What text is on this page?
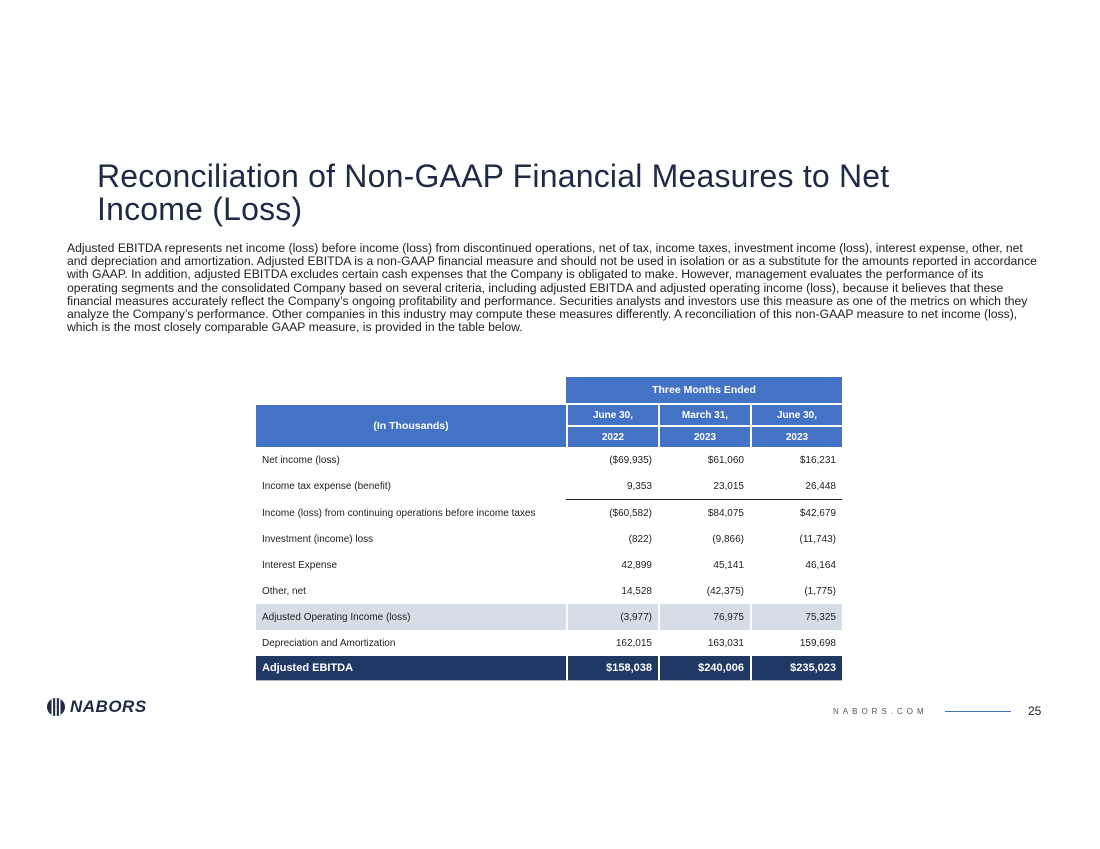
Reconciliation of Non-GAAP Financial Measures to Net Income (Loss)
Adjusted EBITDA represents net income (loss) before income (loss) from discontinued operations, net of tax, income taxes, investment income (loss), interest expense, other, net and depreciation and amortization. Adjusted EBITDA is a non-GAAP financial measure and should not be used in isolation or as a substitute for the amounts reported in accordance with GAAP. In addition, adjusted EBITDA excludes certain cash expenses that the Company is obligated to make. However, management evaluates the performance of its operating segments and the consolidated Company based on several criteria, including adjusted EBITDA and adjusted operating income (loss), because it believes that these financial measures accurately reflect the Company’s ongoing profitability and performance. Securities analysts and investors use this measure as one of the metrics on which they analyze the Company’s performance. Other companies in this industry may compute these measures differently. A reconciliation of this non-GAAP measure to net income (loss), which is the most closely comparable GAAP measure, is provided in the table below.
	Three Months Ended		
(In Thousands)	June 30,	March 31,	June 30,
	2022	2023	2023
Net income (loss)	($69,935)	$61,060	$16,231
Income tax expense (benefit)	9,353	23,015	26,448
Income (loss) from continuing operations before income taxes	($60,582)	$84,075	$42,679
Investment (income) loss	(822)	(9,866)	(11,743)
Interest Expense	42,899	45,141	46,164
Other, net	14,528	(42,375)	(1,775)
Adjusted Operating Income (loss)	(3,977)	76,975	75,325
Depreciation and Amortization	162,015	163,031	159,698
Adjusted EBITDA	$158,038	$240,006	$235,023
NABORS	NABORS.COM	25
